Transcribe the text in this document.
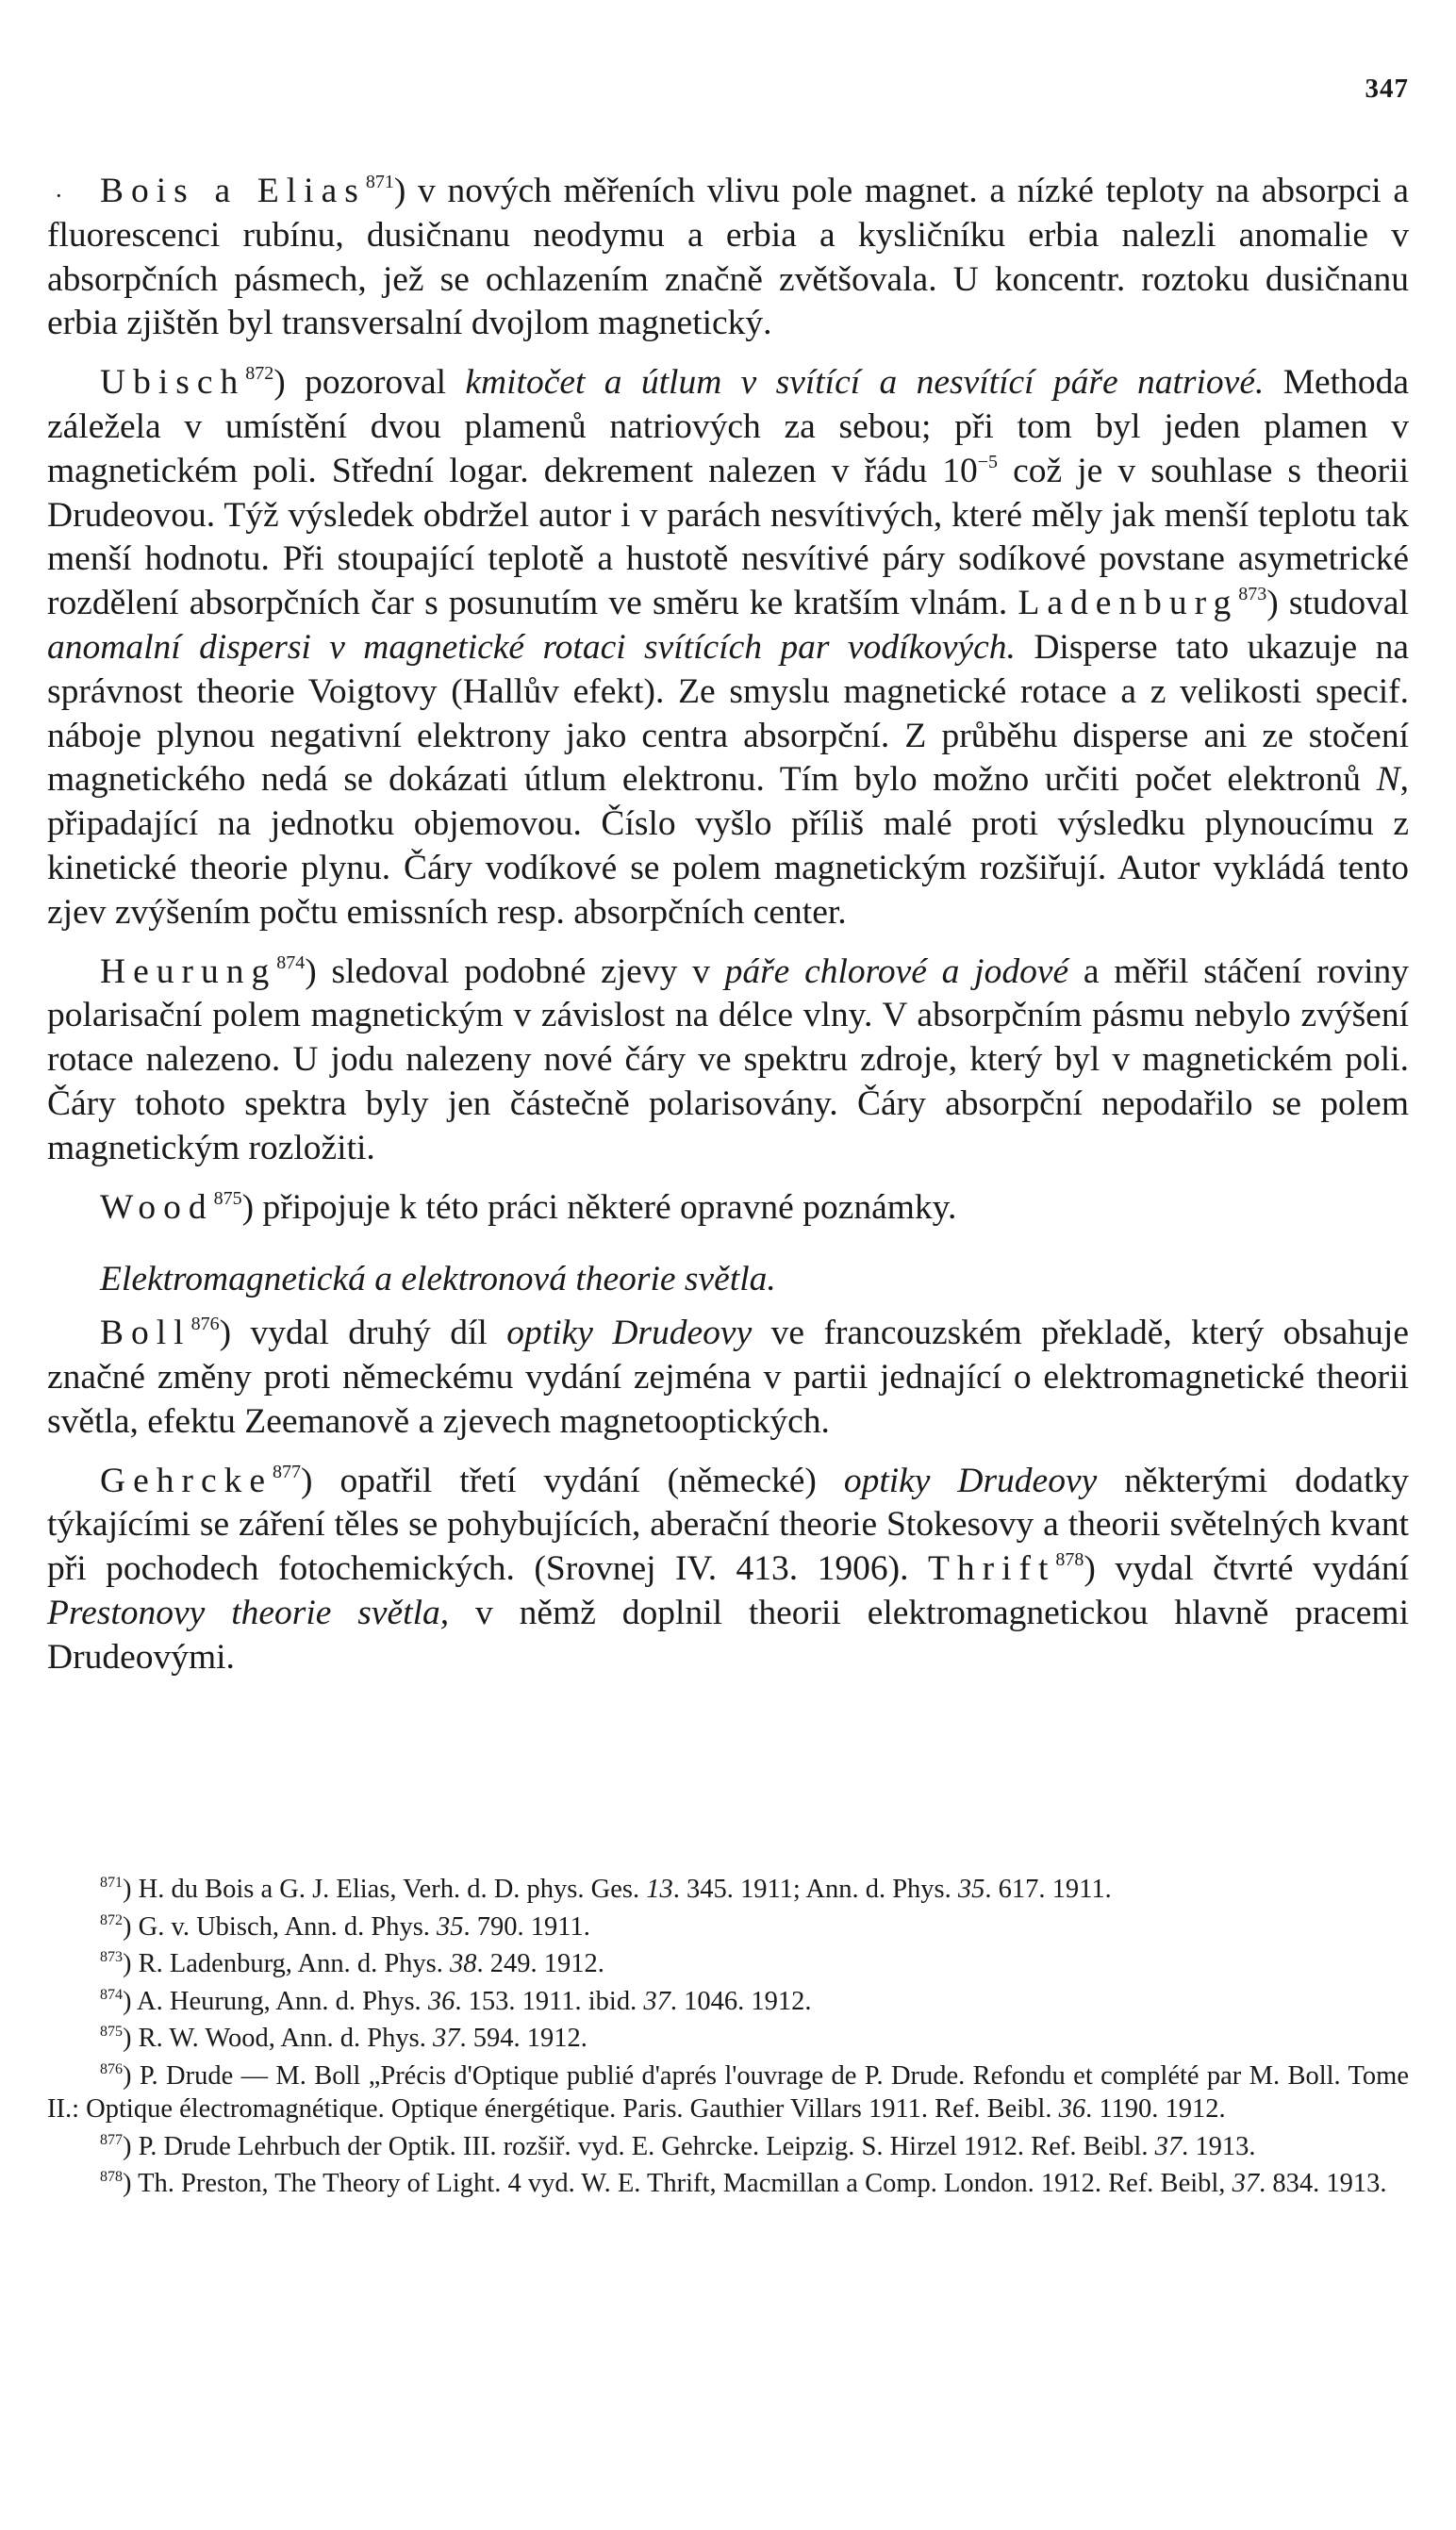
347
·	Bois a Elias$^{871}$) v nových měřeních vlivu pole magnet. a nízké teploty na absorpci a fluorescenci rubínu, dusičnanu neodymu a erbia a kysličníku erbia nalezli anomalie v absorpčních pásmech, jež se ochlazením značně zvětšovala. U koncentr. roztoku dusičnanu erbia zjištěn byl transversalní dvojlom magnetický.

Ubisch$^{872}$) pozoroval kmitočet a útlum v svítící a nesvítící páře natriové. Methoda záležela v umístění dvou plamenů natriových za sebou; při tom byl jeden plamen v magnetickém poli. Střední logar. dekrement nalezen v řádu $10^{-5}$ což je v souhlase s theorii Drudeovou. Týž výsledek obdržel autor i v parách nesvítivých, které měly jak menší teplotu tak menší hodnotu. Při stoupající teplotě a hustotě nesvítivé páry sodíkové povstane asymetrické rozdělení absorpčních čar s posunutím ve směru ke kratším vlnám. Ladenburg$^{873}$) studoval anomalní dispersi v magnetické rotaci svítících par vodíkových. Disperse tato ukazuje na správnost theorie Voigtovy (Hallův efekt). Ze smyslu magnetické rotace a z velikosti specif. náboje plynou negativní elektrony jako centra absorpční. Z průběhu disperse ani ze stočení magnetického nedá se dokázati útlum elektronu. Tím bylo možno určiti počet elektronů N, připadající na jednotku objemovou. Číslo vyšlo příliš malé proti výsledku plynoucímu z kinetické theorie plynu. Čáry vodíkové se polem magnetickým rozšiřují. Autor vykládá tento zjev zvýšením počtu emissních resp. absorpčních center.

Heurung$^{874}$) sledoval podobné zjevy v páře chlorové a jodové a měřil stáčení roviny polarisační polem magnetickým v závislost na délce vlny. V absorpčním pásmu nebylo zvýšení rotace nalezeno. U jodu nalezeny nové čáry ve spektru zdroje, který byl v magnetickém poli. Čáry tohoto spektra byly jen částečně polarisovány. Čáry absorpční nepodařilo se polem magnetickým rozložiti.

Wood$^{875}$) připojuje k této práci některé opravné poznámky.

Elektromagnetická a elektronová theorie světla.

Boll$^{876}$) vydal druhý díl optiky Drudeovy ve francouzském překladě, který obsahuje značné změny proti německému vydání zejména v partii jednající o elektromagnetické theorii světla, efektu Zeemanově a zjevech magnetooptických.

Gehrcke$^{877}$) opatřil třetí vydání (německé) optiky Drudeovy některými dodatky týkajícími se záření těles se pohybujících, aberační theorie Stokesovy a theorii světelných kvant při pochodech fotochemických. (Srovnej IV. 413. 1906). Thrift$^{878}$) vydal čtvrté vydání Prestonovy theorie světla, v němž doplnil theorii elektromagnetickou hlavně pracemi Drudeovými.

$^{871}$) H. du Bois a G. J. Elias, Verh. d. D. phys. Ges. 13. 345. 1911; Ann. d. Phys. 35. 617. 1911.

$^{872}$) G. v. Ubisch, Ann. d. Phys. 35. 790. 1911.

$^{873}$) R. Ladenburg, Ann. d. Phys. 38. 249. 1912.

$^{874}$) A. Heurung, Ann. d. Phys. 36. 153. 1911. ibid. 37. 1046. 1912.

$^{875}$) R. W. Wood, Ann. d. Phys. 37. 594. 1912.

$^{876}$) P. Drude — M. Boll „Précis d'Optique publié d'aprés l'ouvrage de P. Drude. Refondu et complété par M. Boll. Tome II.: Optique électromagnétique. Optique énergétique. Paris. Gauthier Villars 1911. Ref. Beibl. 36. 1190. 1912.

$^{877}$) P. Drude Lehrbuch der Optik. III. rozšiř. vyd. E. Gehrcke. Leipzig. S. Hirzel 1912. Ref. Beibl. 37. 1913.

$^{878}$) Th. Preston, The Theory of Light. 4 vyd. W. E. Thrift, Macmillan a Comp. London. 1912. Ref. Beibl, 37. 834. 1913.
